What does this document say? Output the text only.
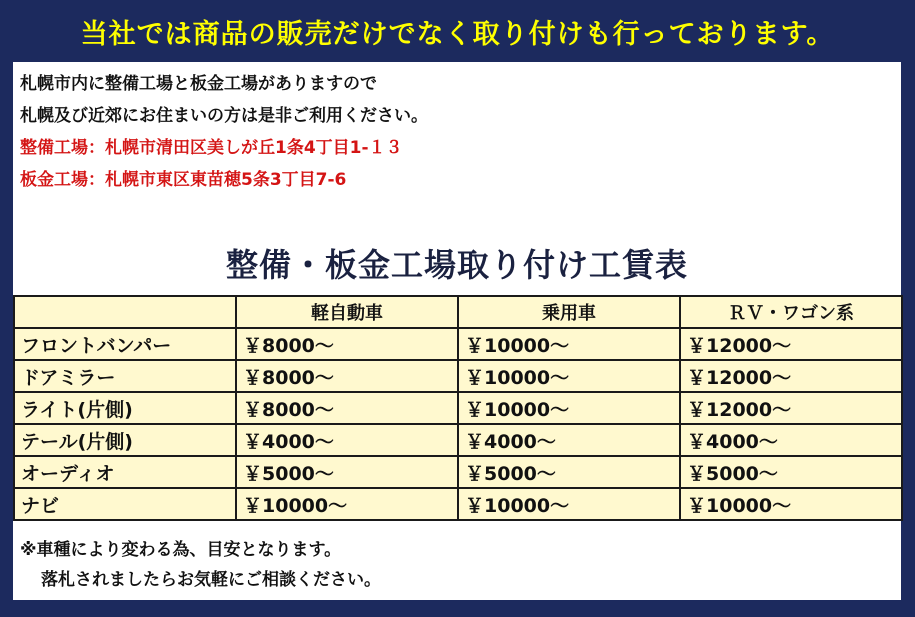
当社では商品の販売だけでなく取り付けも行っております。
札幌市内に整備工場と板金工場がありますので
札幌及び近郊にお住まいの方は是非ご利用ください。
整備工場：札幌市清田区美しが丘1条4丁目1-１３
板金工場：札幌市東区東苗穂5条3丁目7-6
整備・板金工場取り付け工賃表
	軽自動車	乗用車	ＲＶ・ワゴン系
フロントバンパー	￥8000～	￥10000～	￥12000～
ドアミラー	￥8000～	￥10000～	￥12000～
ライト(片側)	￥8000～	￥10000～	￥12000～
テール(片側)	￥4000～	￥4000～	￥4000～
オーディオ	￥5000～	￥5000～	￥5000～
ナビ	￥10000～	￥10000～	￥10000～
※車種により変わる為、目安となります。
落札されましたらお気軽にご相談ください。
